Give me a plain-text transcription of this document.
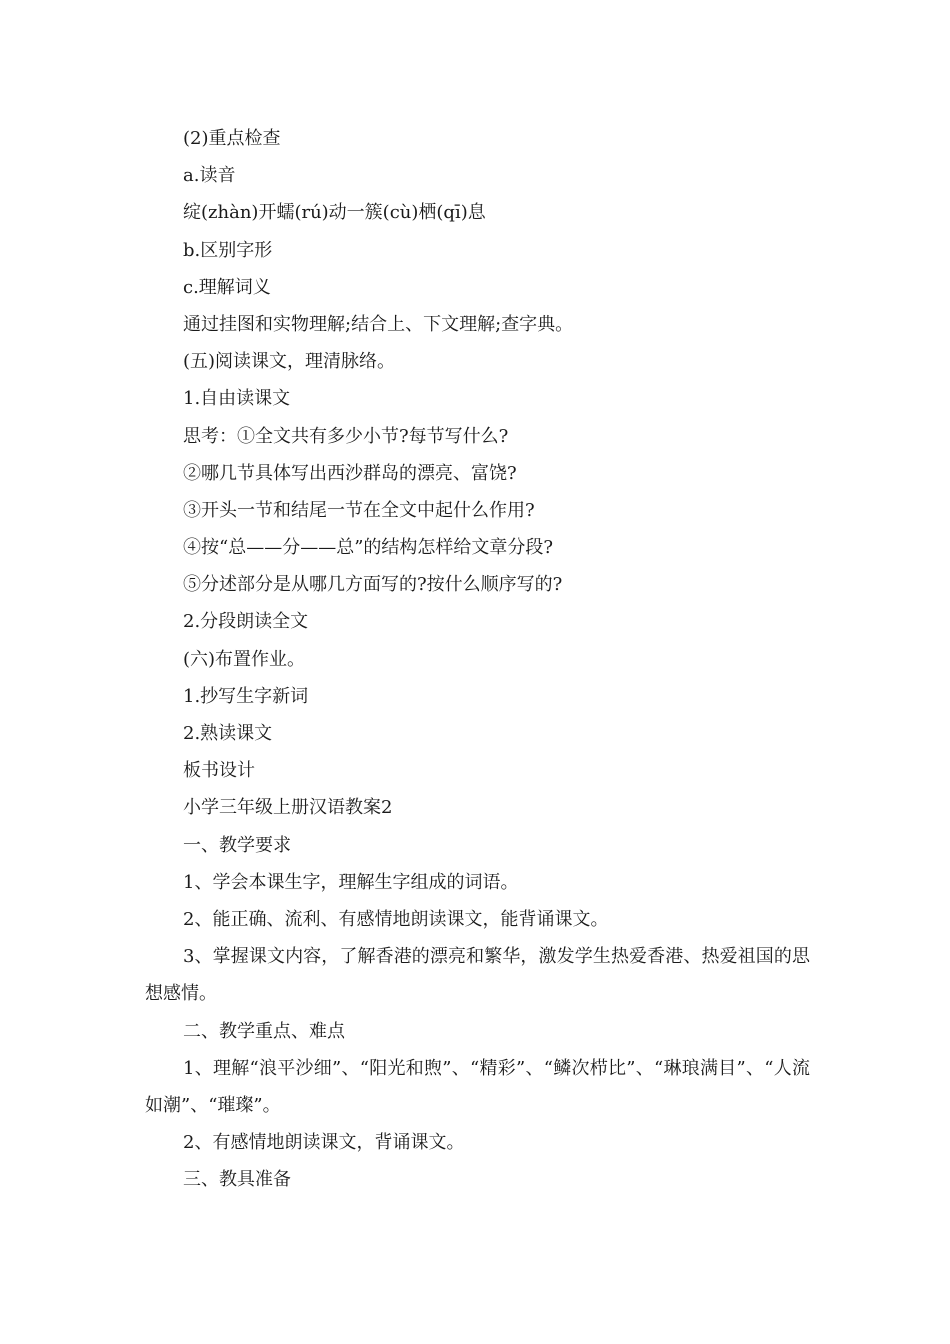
(2)重点检查

a.读音

绽(zhàn)开蠕(rú)动一簇(cù)栖(qī)息

b.区别字形

c.理解词义

通过挂图和实物理解;结合上、下文理解;查字典。

(五)阅读课文，理清脉络。

1.自由读课文

思考：①全文共有多少小节?每节写什么?

②哪几节具体写出西沙群岛的漂亮、富饶?

③开头一节和结尾一节在全文中起什么作用?

④按“总——分——总”的结构怎样给文章分段?

⑤分述部分是从哪几方面写的?按什么顺序写的?

2.分段朗读全文

(六)布置作业。

1.抄写生字新词

2.熟读课文

板书设计

小学三年级上册汉语教案2

一、教学要求

1、学会本课生字，理解生字组成的词语。

2、能正确、流利、有感情地朗读课文，能背诵课文。

3、掌握课文内容，了解香港的漂亮和繁华，激发学生热爱香港、热爱祖国的思想感情。

二、教学重点、难点

1、理解“浪平沙细”、“阳光和煦”、“精彩”、“鳞次栉比”、“琳琅满目”、“人流如潮”、“璀璨”。

2、有感情地朗读课文，背诵课文。

三、教具准备
